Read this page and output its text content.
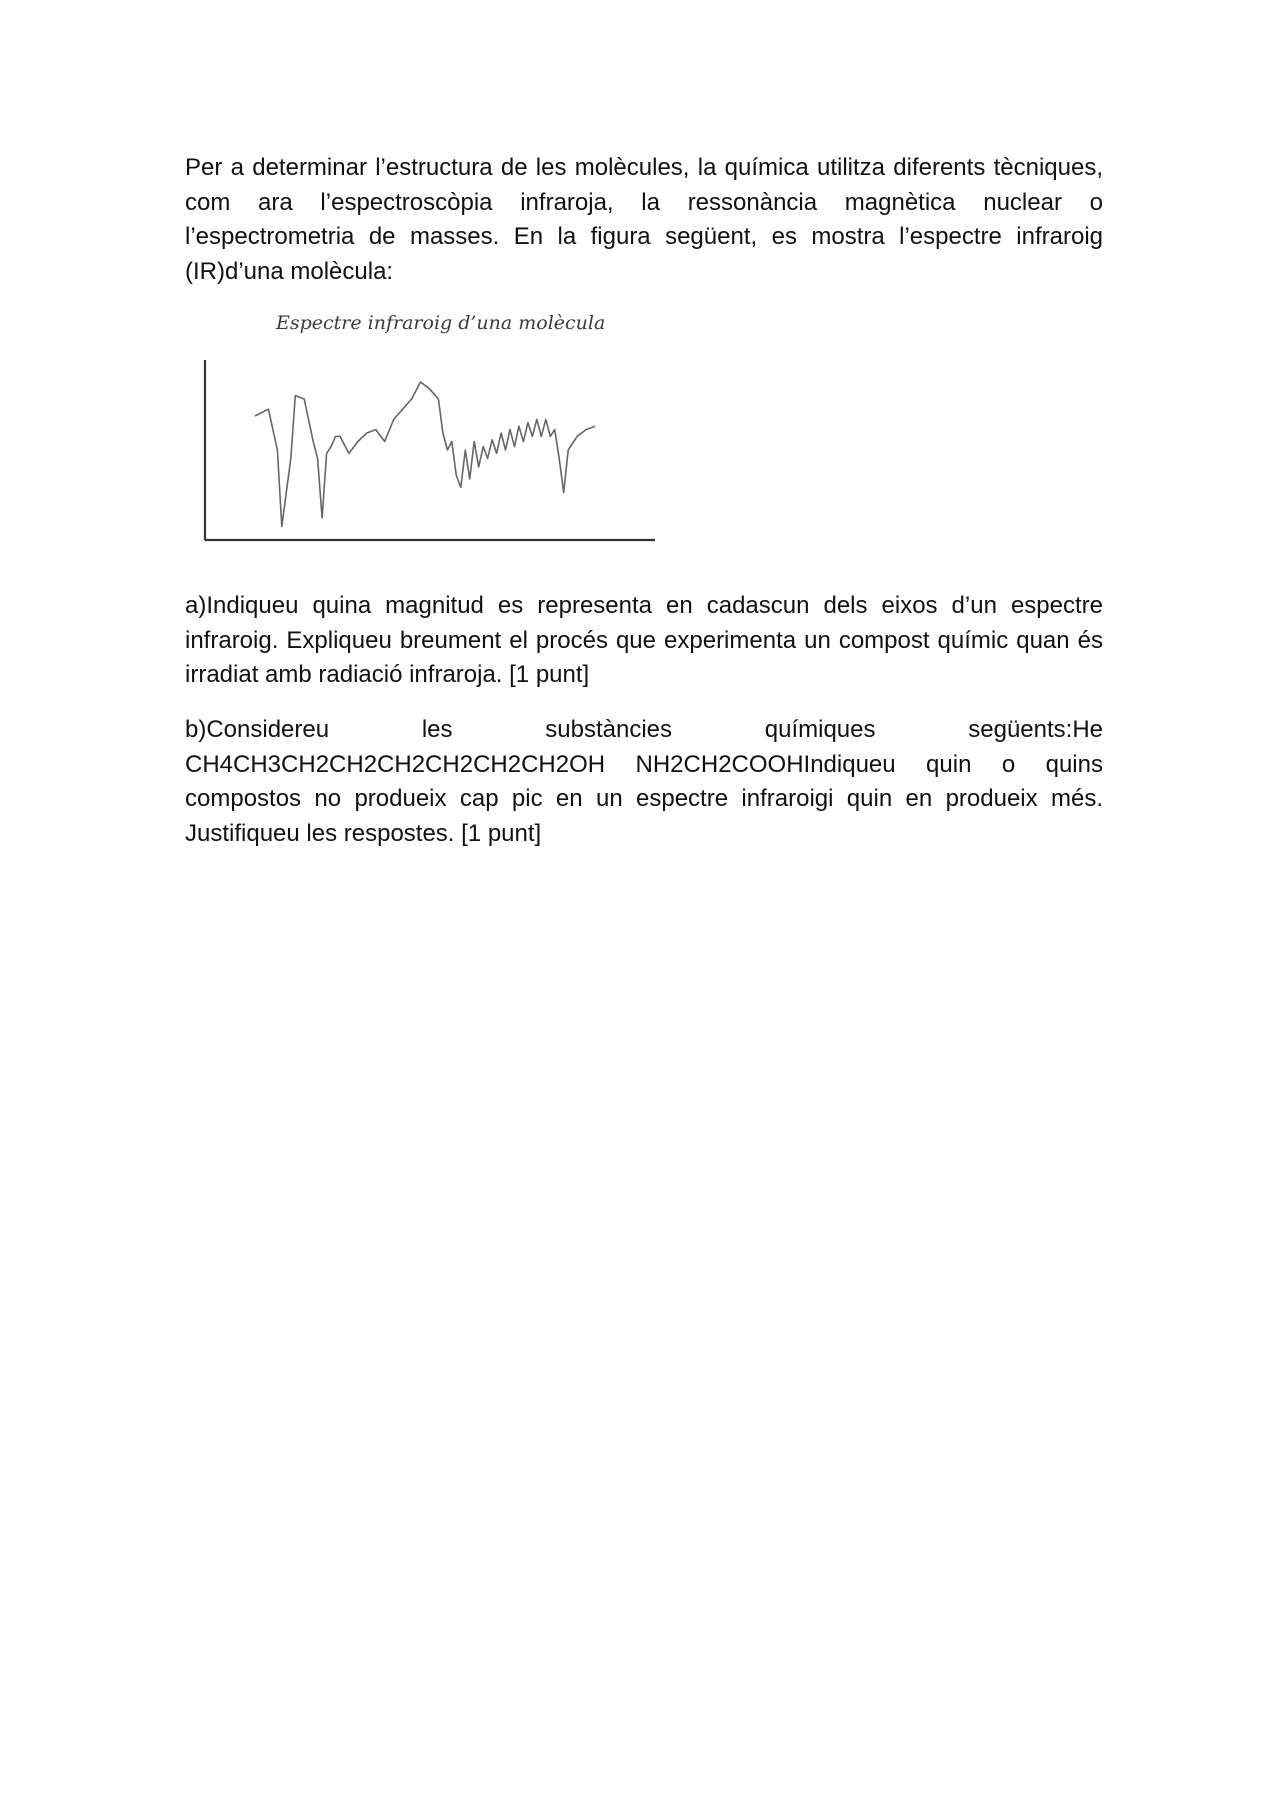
Per a determinar l’estructura de les molècules, la química utilitza diferents tècniques, com ara l’espectroscòpia infraroja, la ressonància magnètica nuclear o l’espectrometria de masses. En la figura següent, es mostra l’espectre infraroig (IR)d’una molècula:

Espectre infraroig d’una molècula

a)Indiqueu quina magnitud es representa en cadascun dels eixos d’un espectre infraroig. Expliqueu breument el procés que experimenta un compost químic quan és irradiat amb radiació infraroja. [1 punt]

b)Considereu les substàncies químiques següents:He CH4CH3CH2CH2CH2CH2CH2CH2OH NH2CH2COOHIndiqueu quin o quins compostos no produeix cap pic en un espectre infraroigi quin en produeix més. Justifiqueu les respostes. [1 punt]
